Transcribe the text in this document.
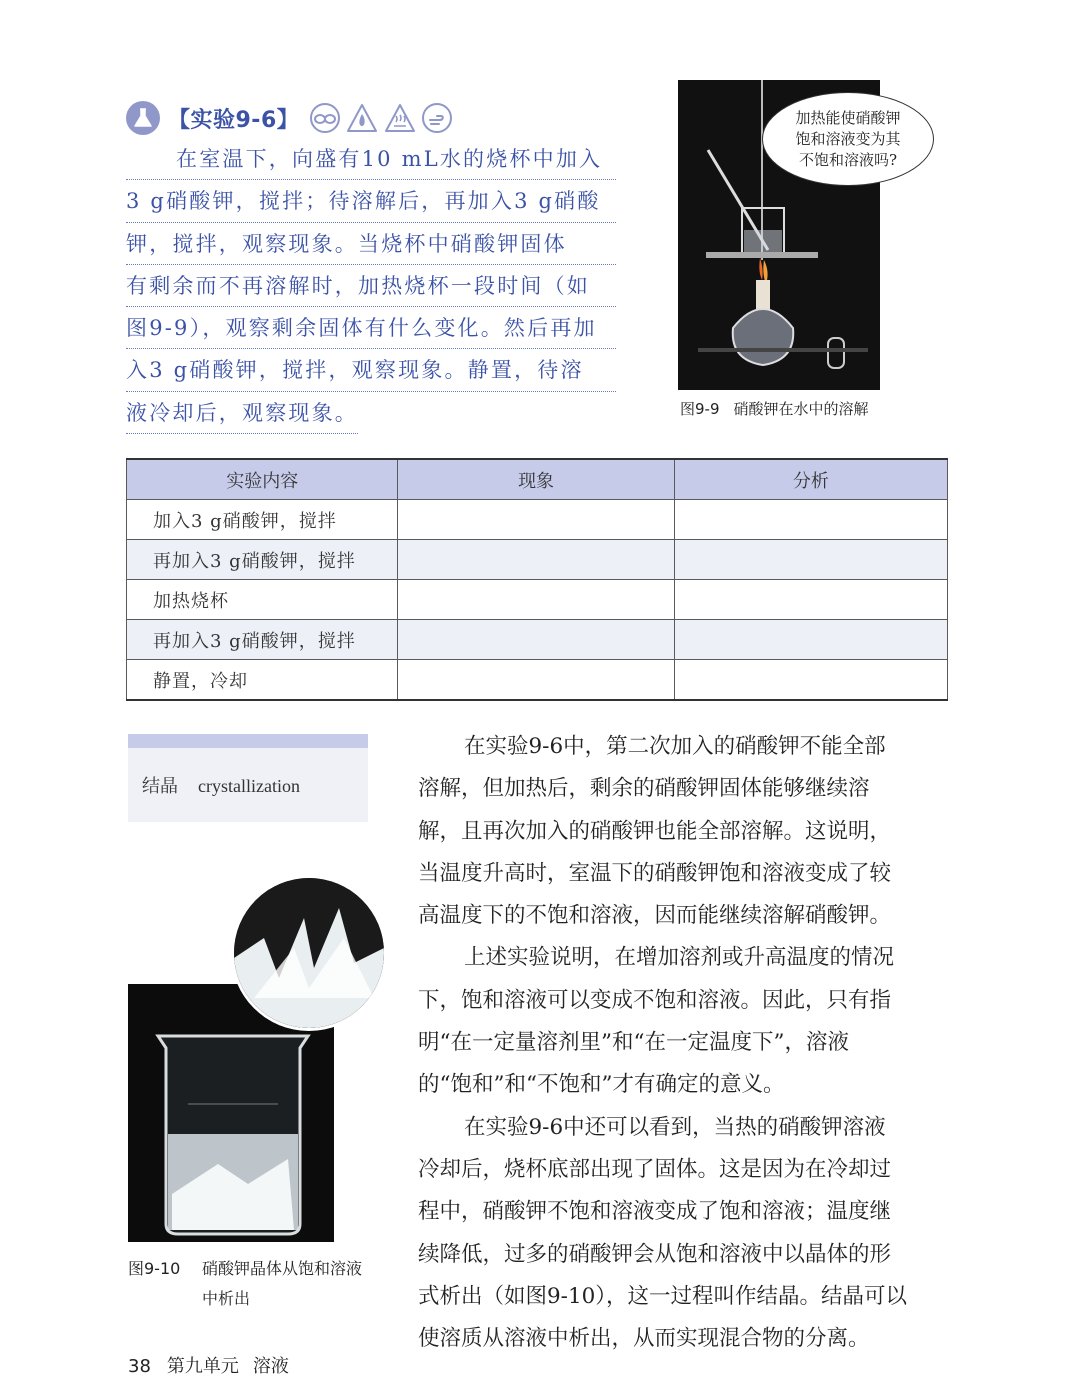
【实验9-6】
在室温下，向盛有10 mL水的烧杯中加入
3 g硝酸钾，搅拌；待溶解后，再加入3 g硝酸
钾，搅拌，观察现象。当烧杯中硝酸钾固体
有剩余而不再溶解时，加热烧杯一段时间（如
图9-9），观察剩余固体有什么变化。然后再加
入3 g硝酸钾，搅拌，观察现象。静置，待溶
液冷却后，观察现象。
加热能使硝酸钾
饱和溶液变为其
不饱和溶液吗?
图9-9 硝酸钾在水中的溶解
实验内容	现象	分析
加入3 g硝酸钾，搅拌		
再加入3 g硝酸钾，搅拌		
加热烧杯		
再加入3 g硝酸钾，搅拌		
静置，冷却		
结晶 crystallization
图9-10 硝酸钾晶体从饱和溶液
中析出
在实验9-6中，第二次加入的硝酸钾不能全部
溶解，但加热后，剩余的硝酸钾固体能够继续溶
解，且再次加入的硝酸钾也能全部溶解。这说明，
当温度升高时，室温下的硝酸钾饱和溶液变成了较
高温度下的不饱和溶液，因而能继续溶解硝酸钾。
上述实验说明，在增加溶剂或升高温度的情况
下，饱和溶液可以变成不饱和溶液。因此，只有指
明“在一定量溶剂里”和“在一定温度下”，溶液
的“饱和”和“不饱和”才有确定的意义。
在实验9-6中还可以看到，当热的硝酸钾溶液
冷却后，烧杯底部出现了固体。这是因为在冷却过
程中，硝酸钾不饱和溶液变成了饱和溶液；温度继
续降低，过多的硝酸钾会从饱和溶液中以晶体的形
式析出（如图9-10），这一过程叫作结晶。结晶可以
使溶质从溶液中析出，从而实现混合物的分离。
38 第九单元 溶液
